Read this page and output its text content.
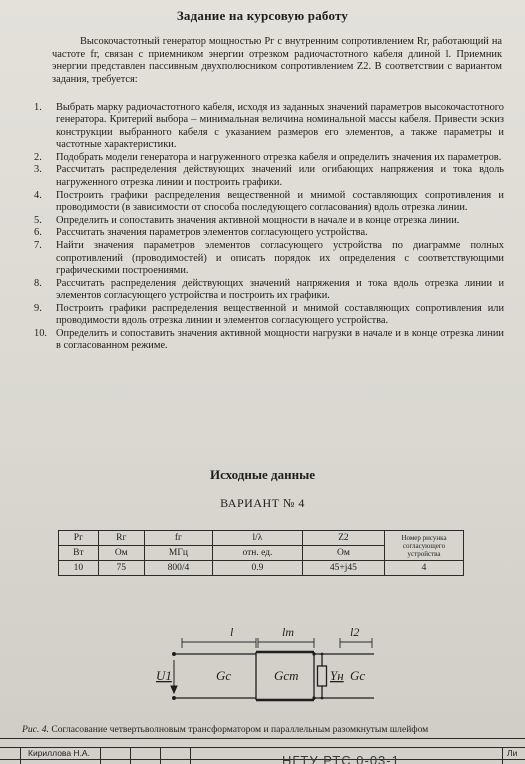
Задание на курсовую работу
Высокочастотный генератор мощностью Pг с внутренним сопротивлением Rг, работающий на частоте fг, связан с приемником энергии отрезком радиочастотного кабеля длиной l. Приемник энергии представлен пассивным двухполюсником сопротивлением Z2. В соответствии с вариантом задания, требуется:
1. Выбрать марку радиочастотного кабеля, исходя из заданных значений параметров высокочастотного генератора. Критерий выбора – минимальная величина номинальной массы кабеля. Привести эскиз конструкции выбранного кабеля с указанием размеров его элементов, а также параметры и частотные характеристики.
2. Подобрать модели генератора и нагруженного отрезка кабеля и определить значения их параметров.
3. Рассчитать распределения действующих значений или огибающих напряжения и тока вдоль нагруженного отрезка линии и построить графики.
4. Построить графики распределения вещественной и мнимой составляющих сопротивления и проводимости (в зависимости от способа последующего согласования) вдоль отрезка линии.
5. Определить и сопоставить значения активной мощности в начале и в конце отрезка линии.
6. Рассчитать значения параметров элементов согласующего устройства.
7. Найти значения параметров элементов согласующего устройства по диаграмме полных сопротивлений (проводимостей) и описать порядок их определения с соответствующими графическими построениями.
8. Рассчитать распределения действующих значений напряжения и тока вдоль отрезка линии и элементов согласующего устройства и построить их графики.
9. Построить графики распределения вещественной и мнимой составляющих сопротивления или проводимости вдоль отрезка линии и элементов согласующего устройства.
10. Определить и сопоставить значения активной мощности нагрузки в начале и в конце отрезка линии в согласованном режиме.
Исходные данные
ВАРИАНТ № 4
Pг	Rг	fг	l/λ	Z2	Номер рисунка согласующего устройства
Вт	Ом	МГц	отн. ед.	Ом	
10	75	800/4	0.9	45+j45	4
l	lт	l2
U1	Gс	Gст Yн Gс
Рис. 4. Согласование четвертьволновым трансформатором и параллельным разомкнутым шлейфом
Кириллова Н.А.	НГТУ РТС 0-03-1	Ли
